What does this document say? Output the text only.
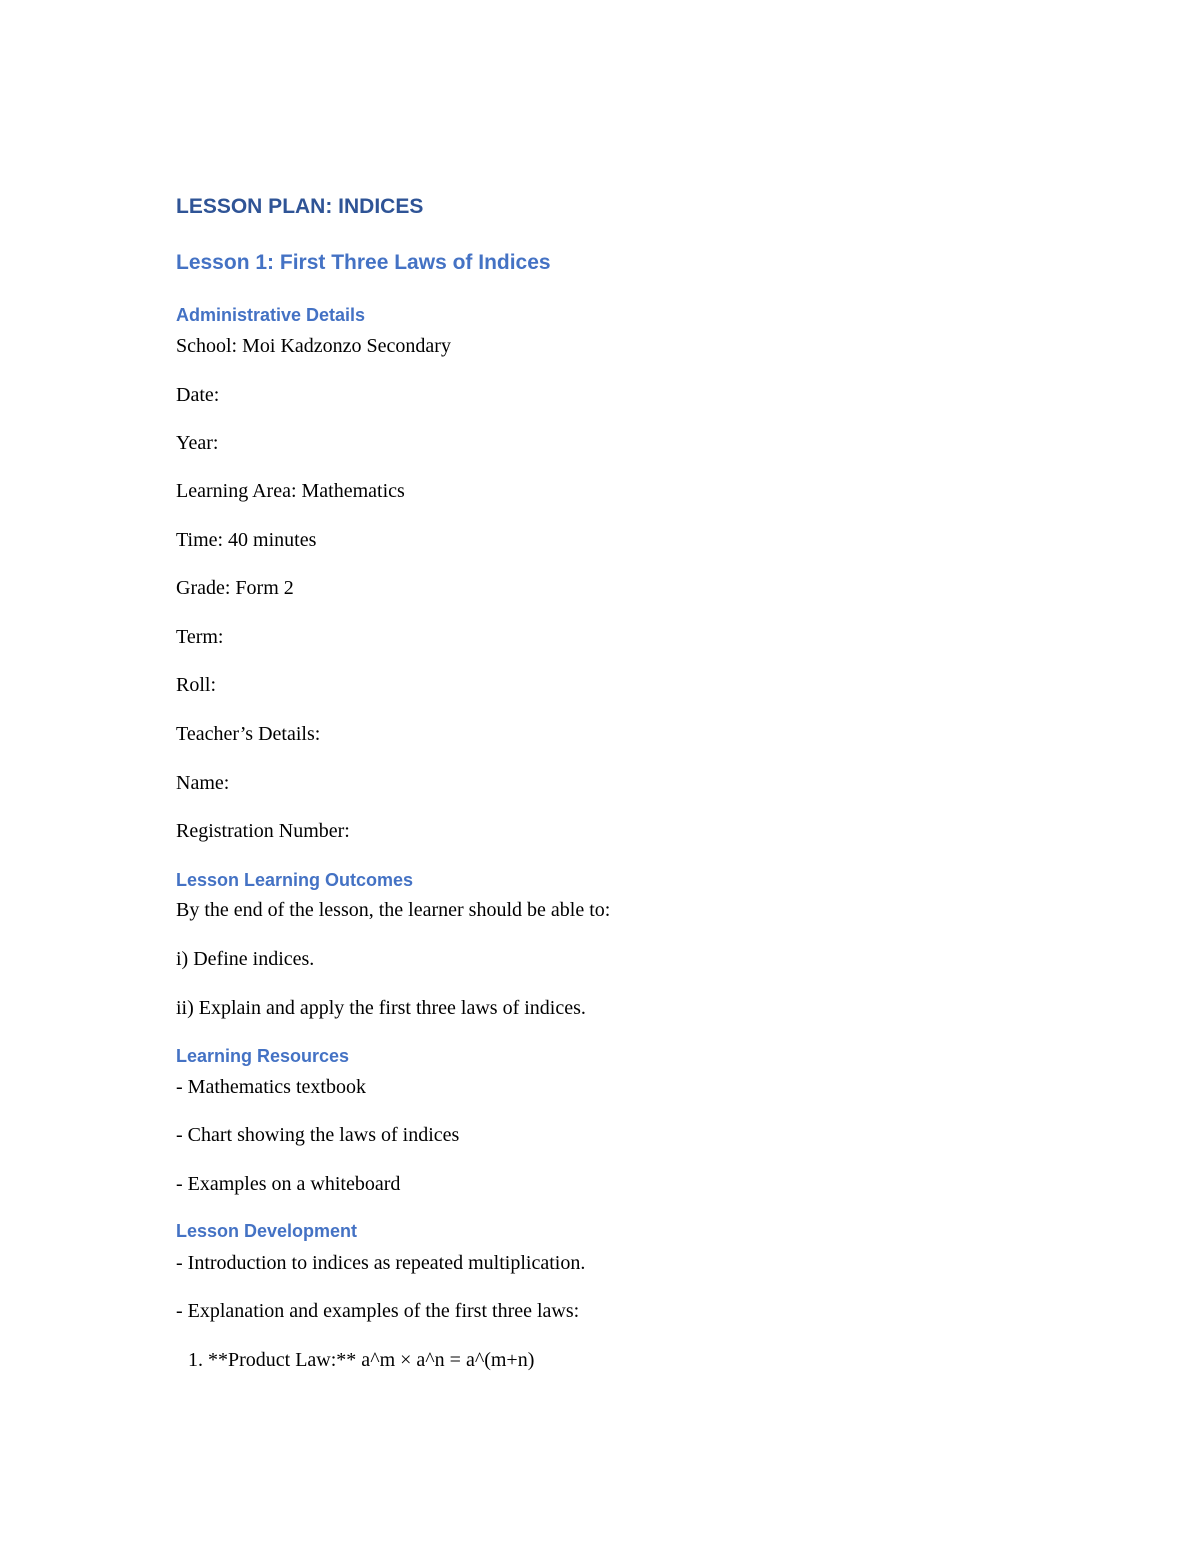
LESSON PLAN: INDICES
Lesson 1: First Three Laws of Indices
Administrative Details

School: Moi Kadzonzo Secondary

Date:

Year:

Learning Area: Mathematics

Time: 40 minutes

Grade: Form 2

Term:

Roll:

Teacher’s Details:

Name:

Registration Number:

Lesson Learning Outcomes

By the end of the lesson, the learner should be able to:

i) Define indices.

ii) Explain and apply the first three laws of indices.

Learning Resources

- Mathematics textbook

- Chart showing the laws of indices

- Examples on a whiteboard

Lesson Development

- Introduction to indices as repeated multiplication.

- Explanation and examples of the first three laws:

1. **Product Law:** a^m × a^n = a^(m+n)
